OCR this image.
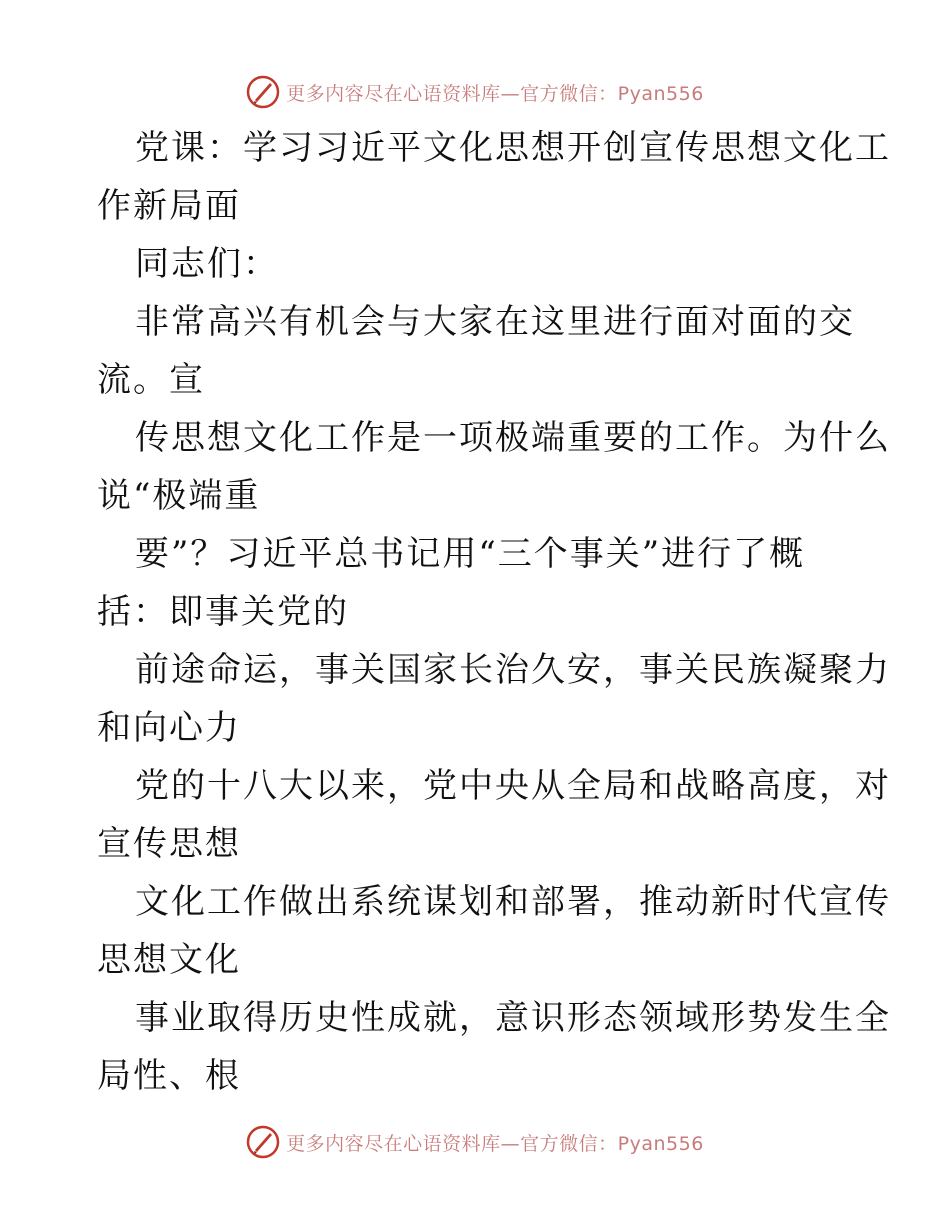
更多内容尽在心语资料库—官方微信：Pyan556
党课：学习习近平文化思想开创宣传思想文化工
作新局面
同志们：
非常高兴有机会与大家在这里进行面对面的交
流。宣
传思想文化工作是一项极端重要的工作。为什么
说“极端重
要”？习近平总书记用“三个事关”进行了概
括：即事关党的
前途命运，事关国家长治久安，事关民族凝聚力
和向心力
党的十八大以来，党中央从全局和战略高度，对
宣传思想
文化工作做出系统谋划和部署，推动新时代宣传
思想文化
事业取得历史性成就，意识形态领域形势发生全
局性、根
更多内容尽在心语资料库—官方微信：Pyan556
